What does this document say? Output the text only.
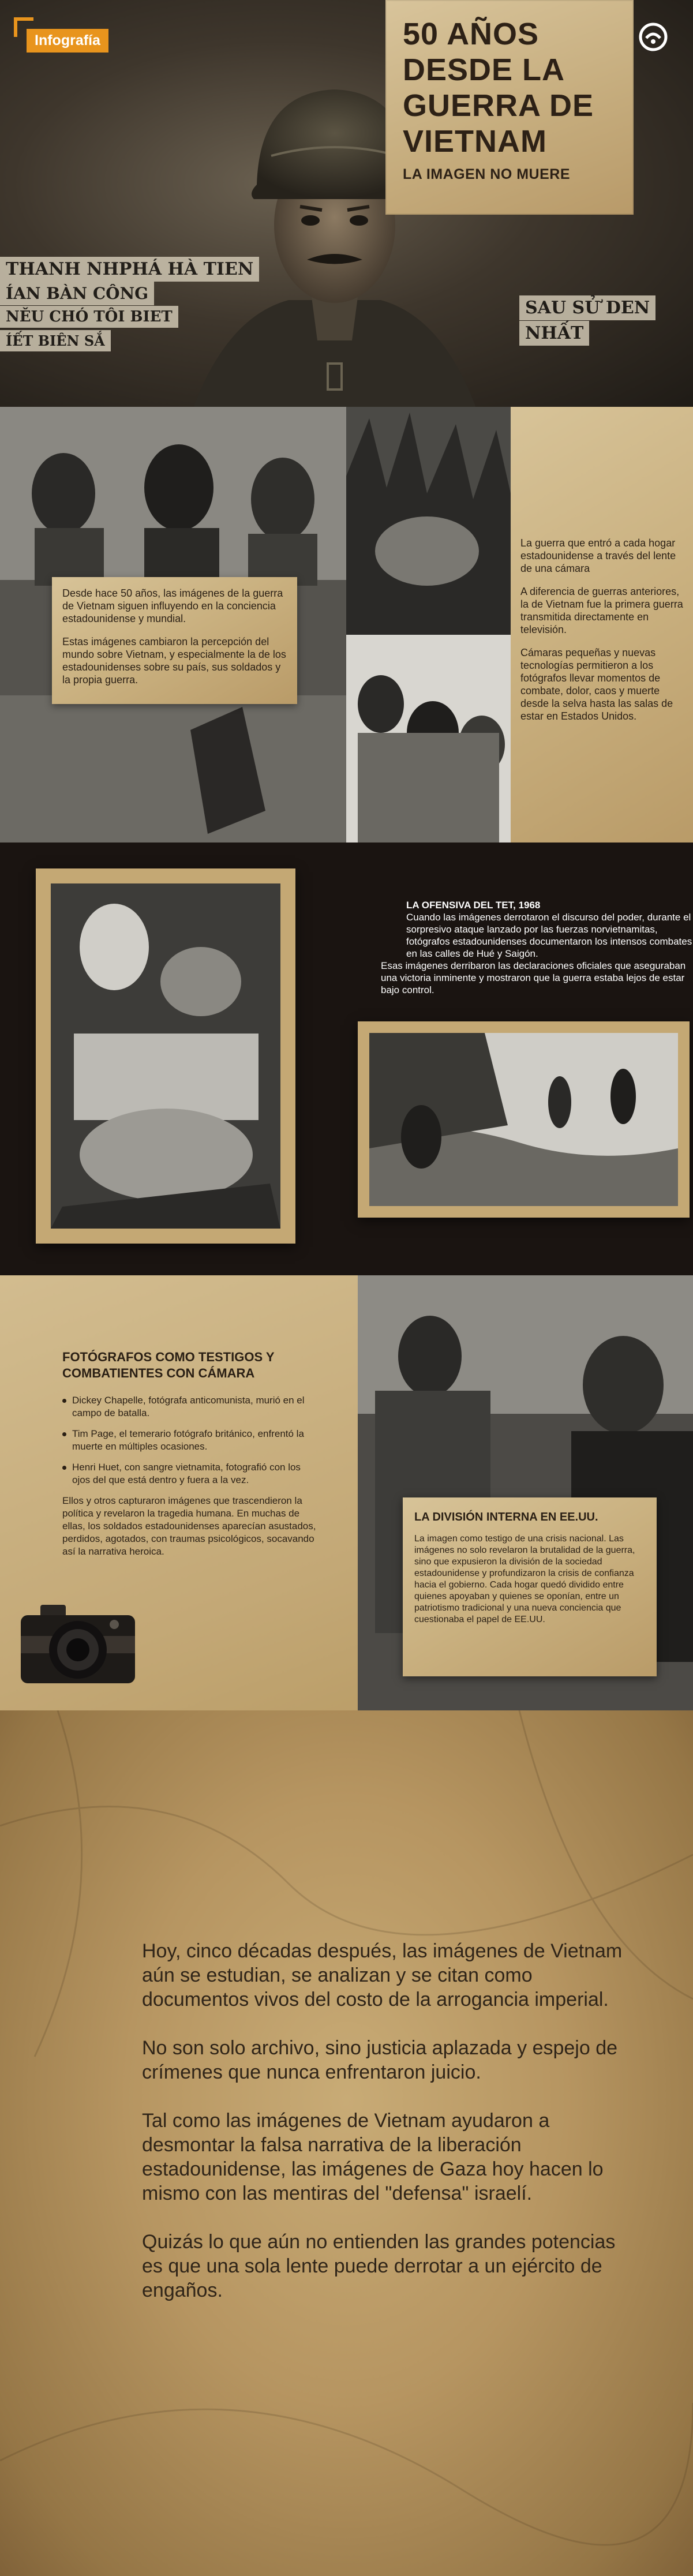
THANH NHPHÁ HÀ TIEN
ÍAN BÀN CÔNG
NĚU CHÓ TÔI BIET
ÍẾT BIÊN SẮ
SAU SỬ DEN
NHẤT
Infografía	50 AÑOS
DESDE LA
GUERRA DE
VIETNAM
LA IMAGEN NO MUERE

Desde hace 50 años, las imágenes de la guerra de Vietnam siguen influyendo en la conciencia estadounidense y mundial.

Estas imágenes cambiaron la percepción del mundo sobre Vietnam, y especialmente la de los estadounidenses sobre su país, sus soldados y la propia guerra.

La guerra que entró a cada hogar estadounidense a través del lente de una cámara

A diferencia de guerras anteriores, la de Vietnam fue la primera guerra transmitida directamente en televisión.

Cámaras pequeñas y nuevas tecnologías permitieron a los fotógrafos llevar momentos de combate, dolor, caos y muerte desde la selva hasta las salas de estar en Estados Unidos.

LA OFENSIVA DEL TET, 1968

Cuando las imágenes derrotaron el discurso del poder, durante el sorpresivo ataque lanzado por las fuerzas norvietnamitas, fotógrafos estadounidenses documentaron los intensos combates en las calles de Hué y Saigón.

Esas imágenes derribaron las declaraciones oficiales que aseguraban una victoria inminente y mostraron que la guerra estaba lejos de estar bajo control.

FOTÓGRAFOS COMO TESTIGOS Y COMBATIENTES CON CÁMARA

Dickey Chapelle, fotógrafa anticomunista, murió en el campo de batalla.
Tim Page, el temerario fotógrafo británico, enfrentó la muerte en múltiples ocasiones.
Henri Huet, con sangre vietnamita, fotografió con los ojos del que está dentro y fuera a la vez.

Ellos y otros capturaron imágenes que trascendieron la política y revelaron la tragedia humana. En muchas de ellas, los soldados estadounidenses aparecían asustados, perdidos, agotados, con traumas psicológicos, socavando así la narrativa heroica.

LA DIVISIÓN INTERNA EN EE.UU.

La imagen como testigo de una crisis nacional. Las imágenes no solo revelaron la brutalidad de la guerra, sino que expusieron la división de la sociedad estadounidense y profundizaron la crisis de confianza hacia el gobierno. Cada hogar quedó dividido entre quienes apoyaban y quienes se oponían, entre un patriotismo tradicional y una nueva conciencia que cuestionaba el papel de EE.UU.

Hoy, cinco décadas después, las imágenes de Vietnam aún se estudian, se analizan y se citan como documentos vivos del costo de la arrogancia imperial.

No son solo archivo, sino justicia aplazada y espejo de crímenes que nunca enfrentaron juicio.

Tal como las imágenes de Vietnam ayudaron a desmontar la falsa narrativa de la liberación estadounidense, las imágenes de Gaza hoy hacen lo mismo con las mentiras del "defensa" israelí.

Quizás lo que aún no entienden las grandes potencias es que una sola lente puede derrotar a un ejército de engaños.
